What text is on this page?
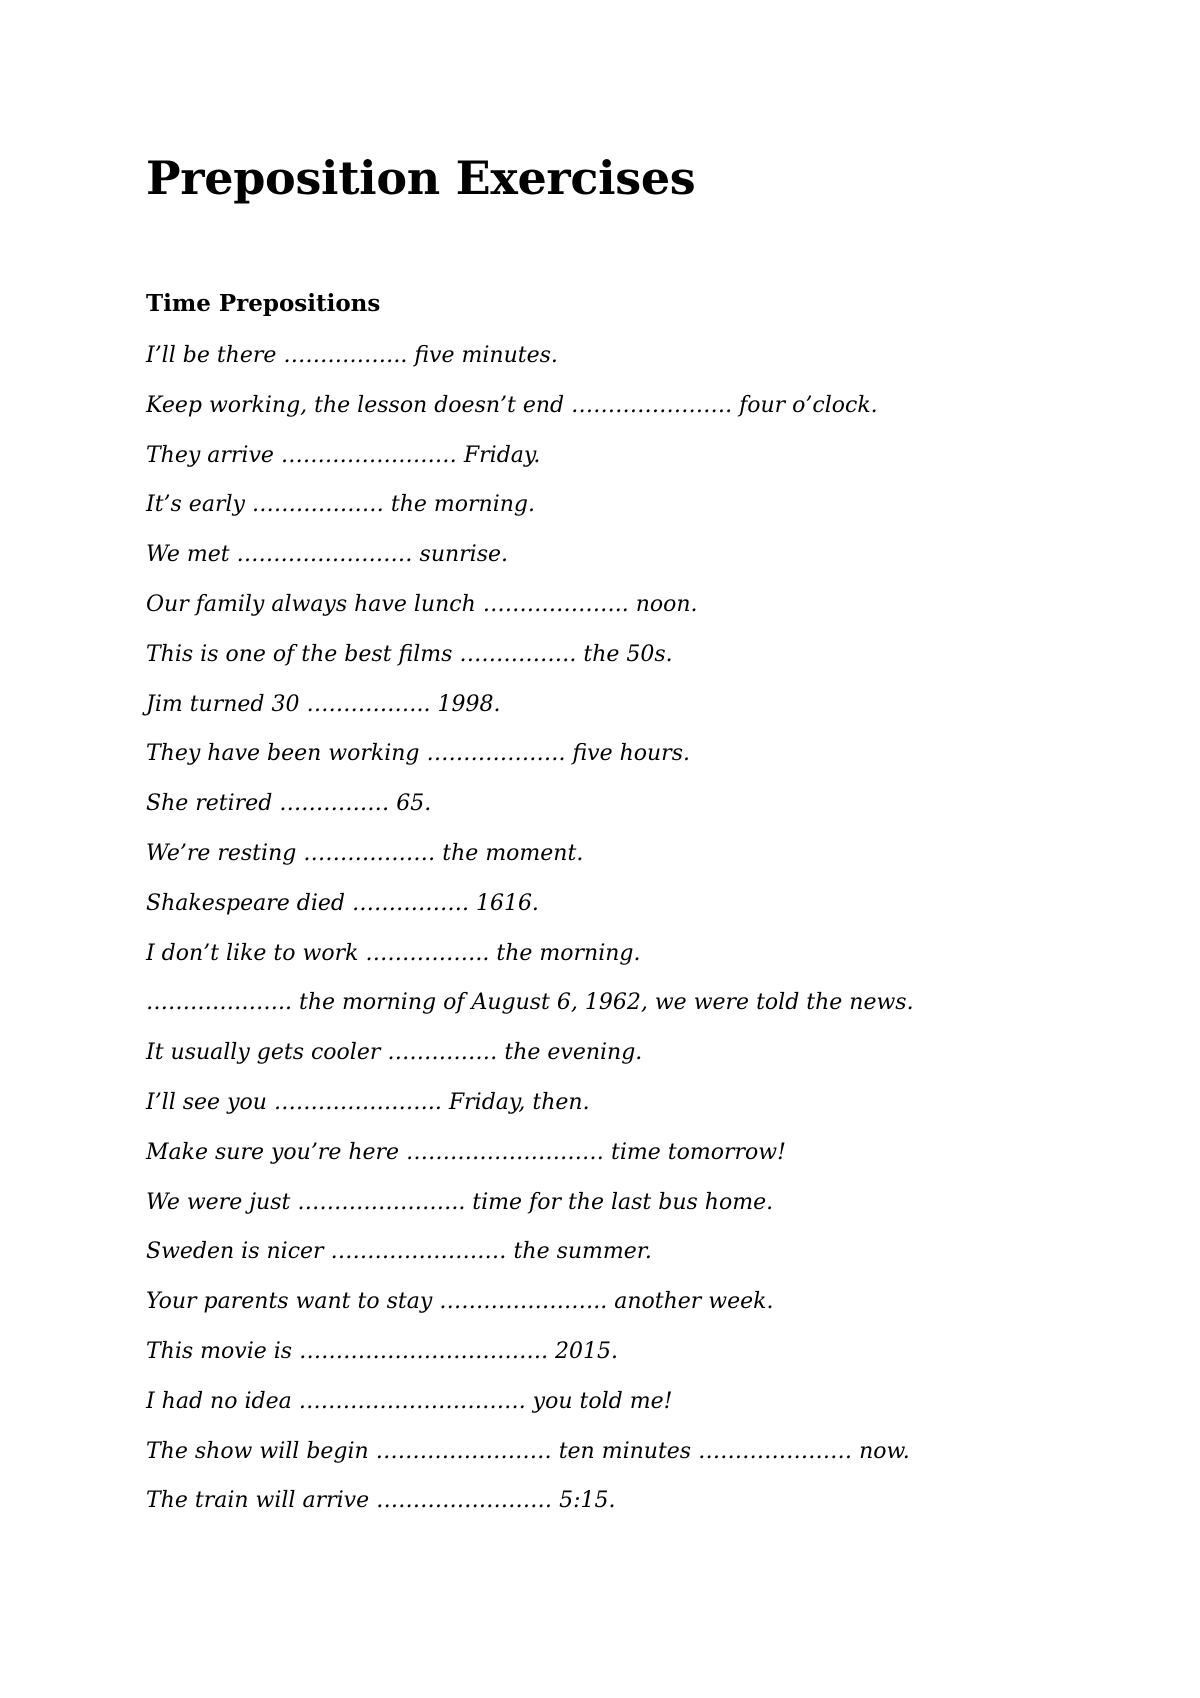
Preposition Exercises
Time Prepositions
I’ll be there …………….. five minutes.
Keep working, the lesson doesn’t end …………………. four o’clock.
They arrive …………………… Friday.
It’s early ……………… the morning.
We met …………………… sunrise.
Our family always have lunch ……………….. noon.
This is one of the best films ……………. the 50s.
Jim turned 30 …………….. 1998.
They have been working ………………. five hours.
She retired …………… 65.
We’re resting ……………… the moment.
Shakespeare died ……………. 1616.
I don’t like to work …………….. the morning.
……………….. the morning of August 6, 1962, we were told the news.
It usually gets cooler …………… the evening.
I’ll see you ………………….. Friday, then.
Make sure you’re here ……………………… time tomorrow!
We were just ………………….. time for the last bus home.
Sweden is nicer …………………… the summer.
Your parents want to stay ………………….. another week.
This movie is ……………………………. 2015.
I had no idea …………………………. you told me!
The show will begin …………………… ten minutes ………………… now.
The train will arrive …………………… 5:15.
